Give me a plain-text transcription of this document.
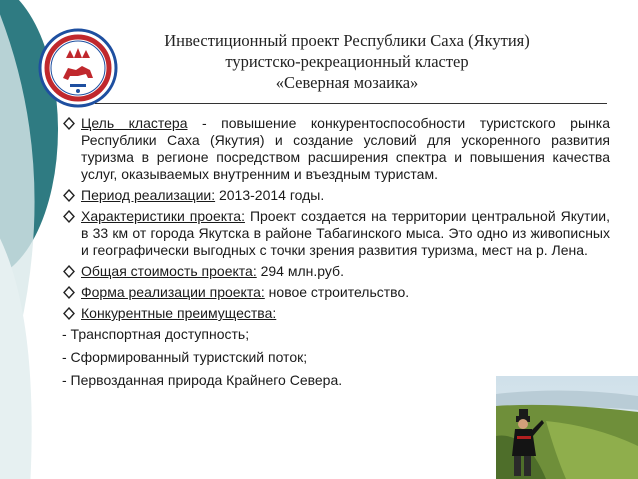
Инвестиционный проект Республики Саха (Якутия)
туристско-рекреационный кластер
«Северная мозаика»
Цель кластера - повышение конкурентоспособности туристского рынка Республики Саха (Якутия) и создание условий для ускоренного развития туризма в регионе посредством расширения спектра и повышения качества услуг, оказываемых внутренним и въездным туристам.
Период реализации: 2013-2014 годы.
Характеристики проекта: Проект создается на территории центральной Якутии, в 33 км от города Якутска в районе Табагинского мыса. Это одно из живописных и географически выгодных с точки зрения развития туризма, мест на р. Лена.
Общая стоимость проекта: 294 млн.руб.
Форма реализации проекта: новое строительство.
Конкурентные преимущества:
- Транспортная доступность;
- Сформированный туристский поток;
- Первозданная природа Крайнего Севера.
